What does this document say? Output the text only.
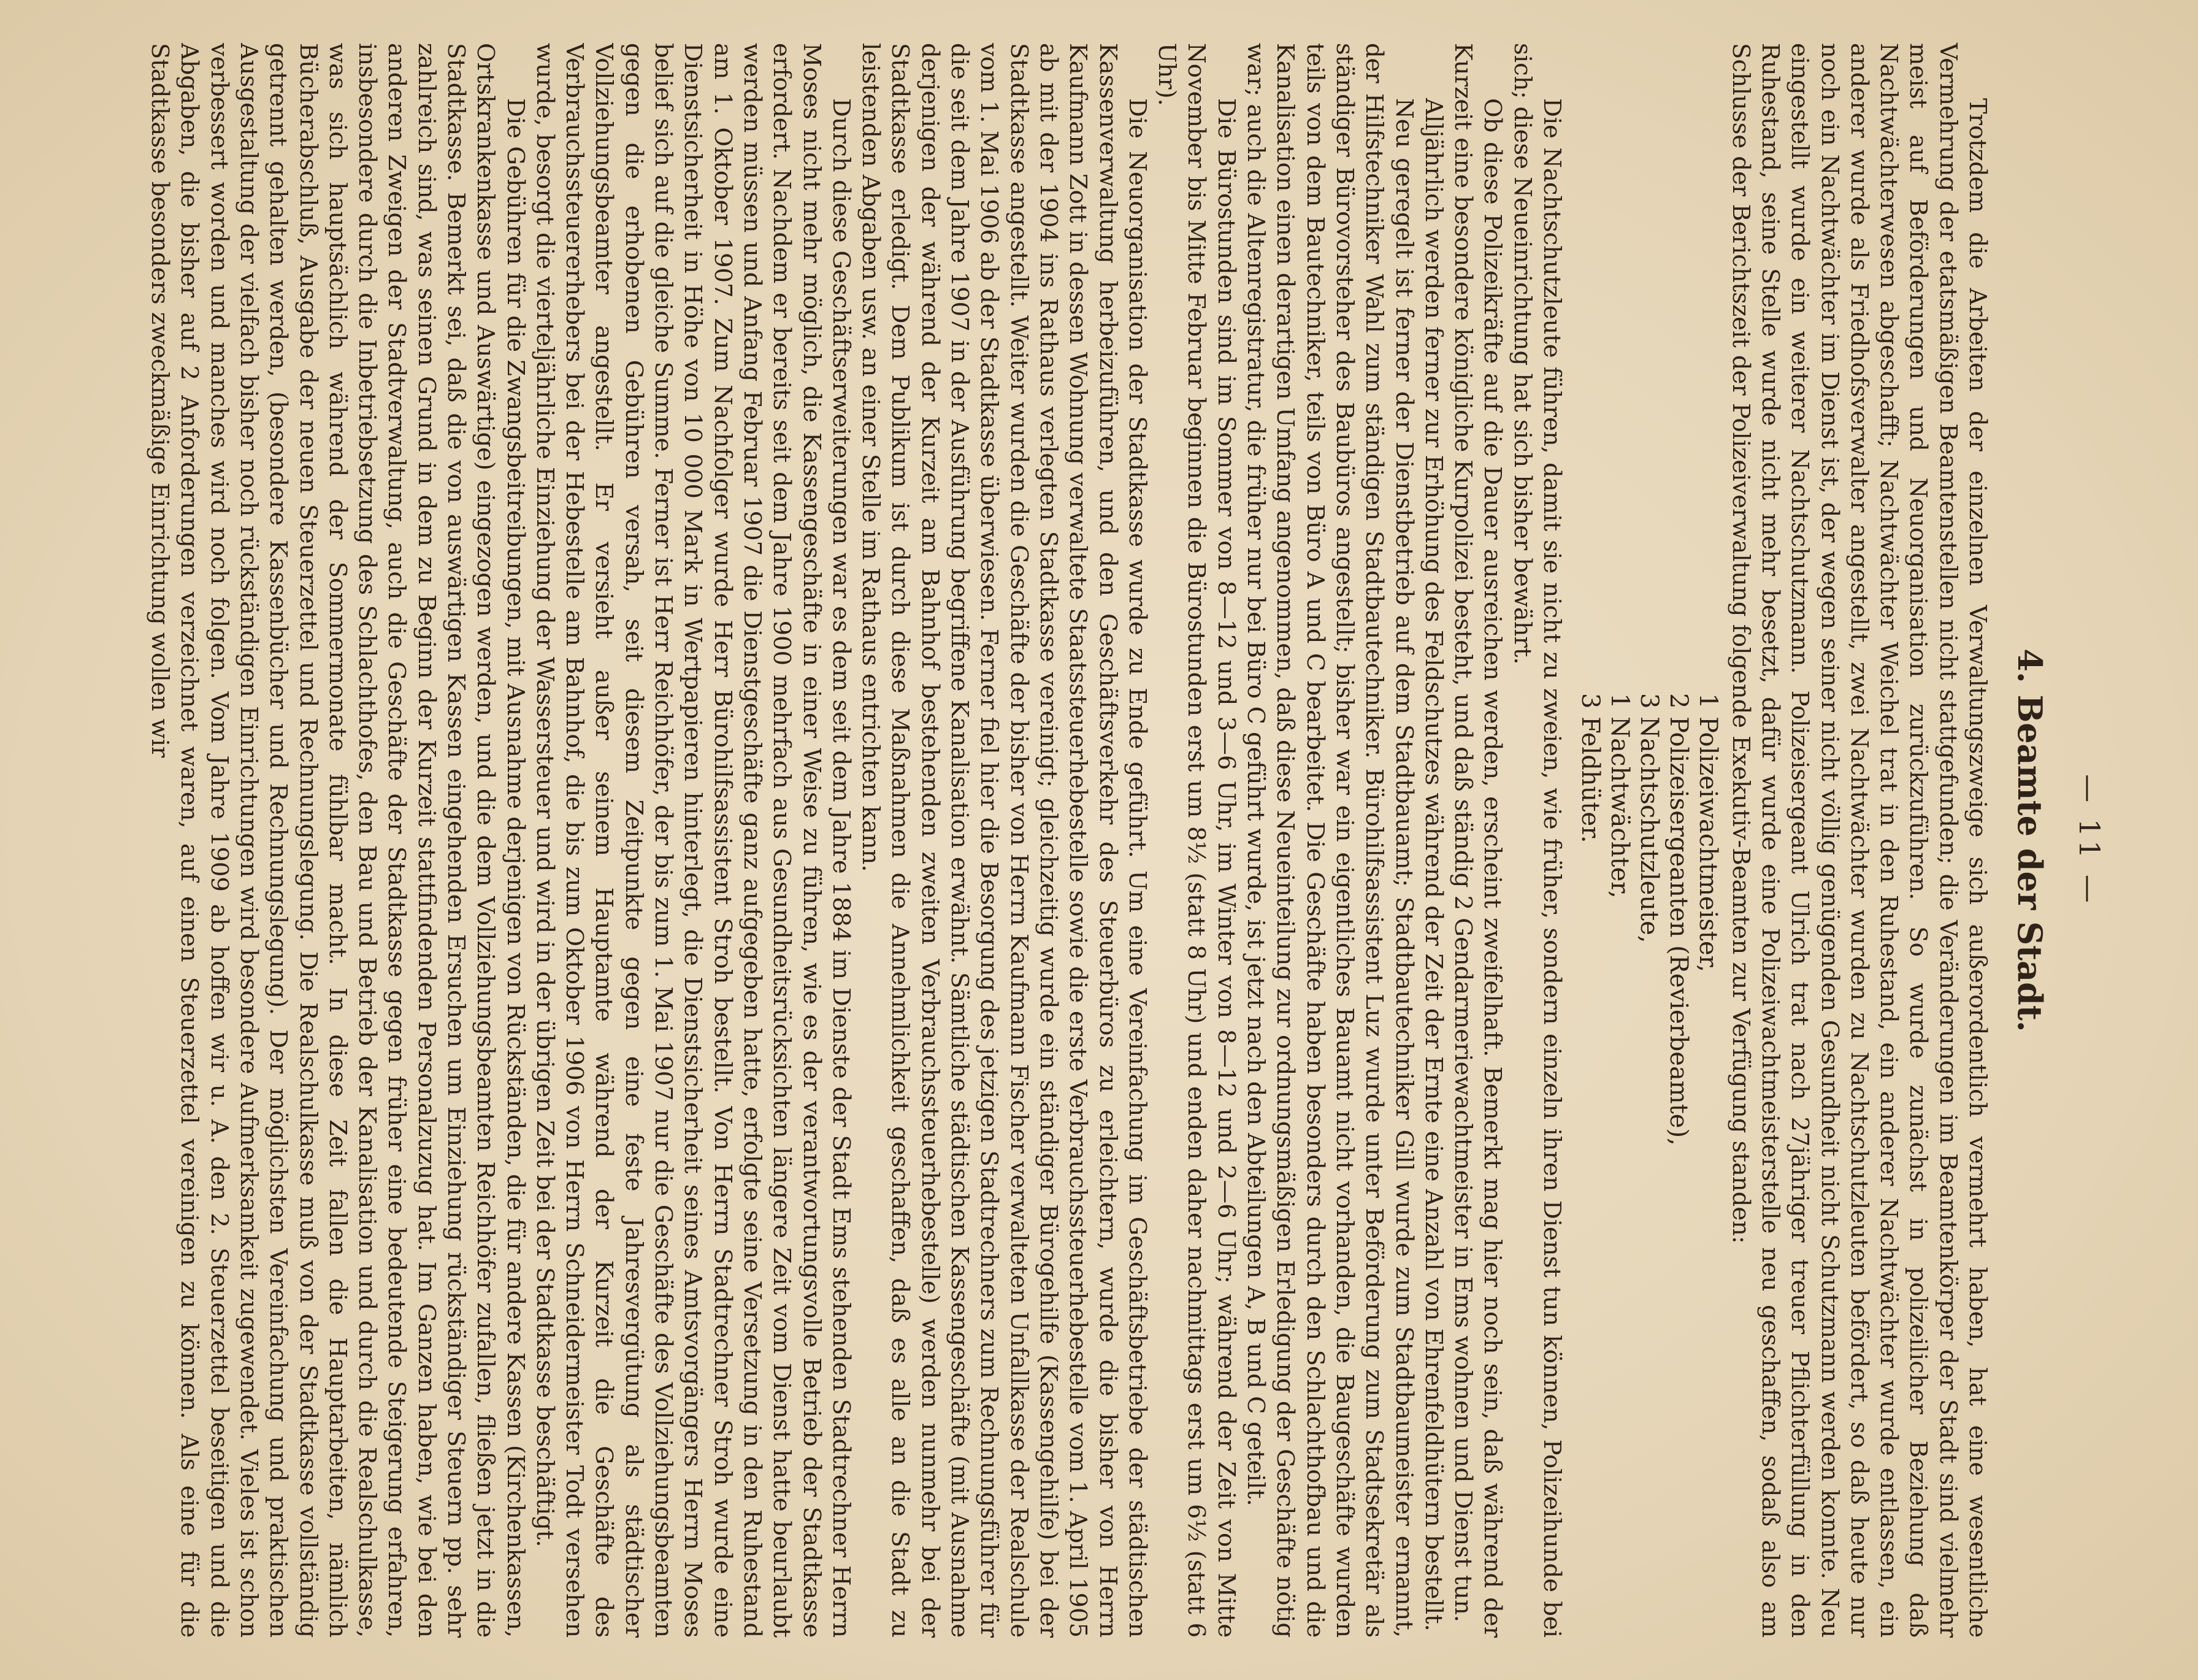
— 11 —
4. Beamte der Stadt.
1 Polizeiwachtmeister,
2 Polizeisergeanten (Revierbeamte),
3 Nachtschutzleute,
1 Nachtwächter,
3 Feldhüter.

Die Nachtschutzleute führen, damit sie nicht zu zweien, wie früher, sondern einzeln ihren Dienst tun können, Polizeihunde bei sich; diese Neueinrichtung hat sich bisher bewährt.

Ob diese Polizeikräfte auf die Dauer ausreichen werden, erscheint zweifelhaft. Bemerkt mag hier noch sein, daß während der Kurzeit eine besondere königliche Kurpolizei besteht, und daß ständig 2 Gendarmeriewachtmeister in Ems wohnen und Dienst tun.

Alljährlich werden ferner zur Erhöhung des Feldschutzes während der Zeit der Ernte eine Anzahl von Ehrenfeldhütern bestellt.

Neu geregelt ist ferner der Dienstbetrieb auf dem Stadtbauamt; Stadtbautechniker Gill wurde zum Stadtbaumeister ernannt, der Hilfstechniker Wahl zum ständigen Stadtbautechniker. Bürohilfsassistent Luz wurde unter Beförderung zum Stadtsekretär als ständiger Bürovorsteher des Baubüros angestellt; bisher war ein eigentliches Bauamt nicht vorhanden, die Baugeschäfte wurden teils von dem Bautechniker, teils von Büro A und C bearbeitet. Die Geschäfte haben besonders durch den Schlachthofbau und die Kanalisation einen derartigen Umfang angenommen, daß diese Neueinteilung zur ordnungsmäßigen Erledigung der Geschäfte nötig war; auch die Altenregistratur, die früher nur bei Büro C geführt wurde, ist jetzt nach den Abteilungen A, B und C geteilt.

Die Bürostunden sind im Sommer von 8—12 und 3—6 Uhr, im Winter von 8—12 und 2—6 Uhr; während der Zeit von Mitte November bis Mitte Februar beginnen die Bürostunden erst um 8½ (statt 8 Uhr) und enden daher nachmittags erst um 6½ (statt 6 Uhr).

Die Neuorganisation der Stadtkasse wurde zu Ende geführt. Um eine Vereinfachung im Geschäftsbetriebe der städtischen Kassenverwaltung herbeizuführen, und den Geschäftsverkehr des Steuerbüros zu erleichtern, wurde die bisher von Herrn Kaufmann Zott in dessen Wohnung verwaltete Staatssteuerhebestelle sowie die erste Verbrauchssteuerhebestelle vom 1. April 1905 ab mit der 1904 ins Rathaus verlegten Stadtkasse vereinigt; gleichzeitig wurde ein ständiger Bürogehilfe (Kassengehilfe) bei der Stadtkasse angestellt. Weiter wurden die Geschäfte der bisher von Herrn Kaufmann Fischer verwalteten Unfallkasse der Realschule vom 1. Mai 1906 ab der Stadtkasse überwiesen. Ferner fiel hier die Besorgung des jetzigen Stadtrechners zum Rechnungsführer für die seit dem Jahre 1907 in der Ausführung begriffene Kanalisation erwähnt. Sämtliche städtischen Kassengeschäfte (mit Ausnahme derjenigen der während der Kurzeit am Bahnhof bestehenden zweiten Verbrauchssteuerhebestelle) werden nunmehr bei der Stadtkasse erledigt. Dem Publikum ist durch diese Maßnahmen die Annehmlichkeit geschaffen, daß es alle an die Stadt zu leistenden Abgaben usw. an einer Stelle im Rathaus entrichten kann.

Durch diese Geschäftserweiterungen war es dem seit dem Jahre 1884 im Dienste der Stadt Ems stehenden Stadtrechner Herrn Moses nicht mehr möglich, die Kassengeschäfte in einer Weise zu führen, wie es der verantwortungsvolle Betrieb der Stadtkasse erfordert. Nachdem er bereits seit dem Jahre 1900 mehrfach aus Gesundheitsrücksichten längere Zeit vom Dienst hatte beurlaubt werden müssen und Anfang Februar 1907 die Dienstgeschäfte ganz aufgegeben hatte, erfolgte seine Versetzung in den Ruhestand am 1. Oktober 1907. Zum Nachfolger wurde Herr Bürohilfsassistent Stroh bestellt. Von Herrn Stadtrechner Stroh wurde eine Dienstsicherheit in Höhe von 10 000 Mark in Wertpapieren hinterlegt, die Dienstsicherheit seines Amtsvorgängers Herrn Moses belief sich auf die gleiche Summe. Ferner ist Herr Reichhöfer, der bis zum 1. Mai 1907 nur die Geschäfte des Vollziehungsbeamten gegen die erhobenen Gebühren versah, seit diesem Zeitpunkte gegen eine feste Jahresvergütung als städtischer Vollziehungsbeamter angestellt. Er versieht außer seinem Hauptamte während der Kurzeit die Geschäfte des Verbrauchssteuererhebers bei der Hebestelle am Bahnhof, die bis zum Oktober 1906 von Herrn Schneidermeister Todt versehen wurde, besorgt die vierteljährliche Einziehung der Wassersteuer und wird in der übrigen Zeit bei der Stadtkasse beschäftigt.

Die Gebühren für die Zwangsbeitreibungen, mit Ausnahme derjenigen von Rückständen, die für andere Kassen (Kirchenkassen, Ortskrankenkasse und Auswärtige) eingezogen werden, und die dem Vollziehungsbeamten Reichhöfer zufallen, fließen jetzt in die Stadtkasse. Bemerkt sei, daß die von auswärtigen Kassen eingehenden Ersuchen um Einziehung rückständiger Steuern pp. sehr zahlreich sind, was seinen Grund in dem zu Beginn der Kurzeit stattfindenden Personalzuzug hat. Im Ganzen haben, wie bei den anderen Zweigen der Stadtverwaltung, auch die Geschäfte der Stadtkasse gegen früher eine bedeutende Steigerung erfahren, insbesondere durch die Inbetriebsetzung des Schlachthofes, den Bau und Betrieb der Kanalisation und durch die Realschulkasse, was sich hauptsächlich während der Sommermonate fühlbar macht. In diese Zeit fallen die Hauptarbeiten, nämlich Bücherabschluß, Ausgabe der neuen Steuerzettel und Rechnungslegung. Die Realschulkasse muß von der Stadtkasse vollständig getrennt gehalten werden, (besondere Kassenbücher und Rechnungslegung). Der möglichsten Vereinfachung und praktischen Ausgestaltung der vielfach bisher noch rückständigen Einrichtungen wird besondere Aufmerksamkeit zugewendet. Vieles ist schon verbessert worden und manches wird noch folgen. Vom Jahre 1909 ab hoffen wir u. A. den 2. Steuerzettel beseitigen und die Abgaben, die bisher auf 2 Anforderungen verzeichnet waren, auf einen Steuerzettel vereinigen zu können. Als eine für die Stadtkasse besonders zweckmäßige Einrichtung wollen wir	Trotzdem die Arbeiten der einzelnen Verwaltungszweige sich außerordentlich vermehrt haben, hat eine wesentliche Vermehrung der etatsmäßigen Beamtenstellen nicht stattgefunden; die Veränderungen im Beamtenkörper der Stadt sind vielmehr meist auf Beförderungen und Neuorganisation zurückzuführen. So wurde zunächst in polizeilicher Beziehung daß Nachtwächterwesen abgeschafft; Nachtwächter Weichel trat in den Ruhestand, ein anderer Nachtwächter wurde entlassen, ein anderer wurde als Friedhofsverwalter angestellt, zwei Nachtwächter wurden zu Nachtschutzleuten befördert, so daß heute nur noch ein Nachtwächter im Dienst ist, der wegen seiner nicht völlig genügenden Gesundheit nicht Schutzmann werden konnte. Neu eingestellt wurde ein weiterer Nachtschutzmann. Polizeisergeant Ulrich trat nach 27jähriger treuer Pflichterfüllung in den Ruhestand, seine Stelle wurde nicht mehr besetzt, dafür wurde eine Polizeiwachtmeisterstelle neu geschaffen, sodaß also am Schlusse der Berichtszeit der Polizeiverwaltung folgende Exekutiv-Beamten zur Verfügung standen:
